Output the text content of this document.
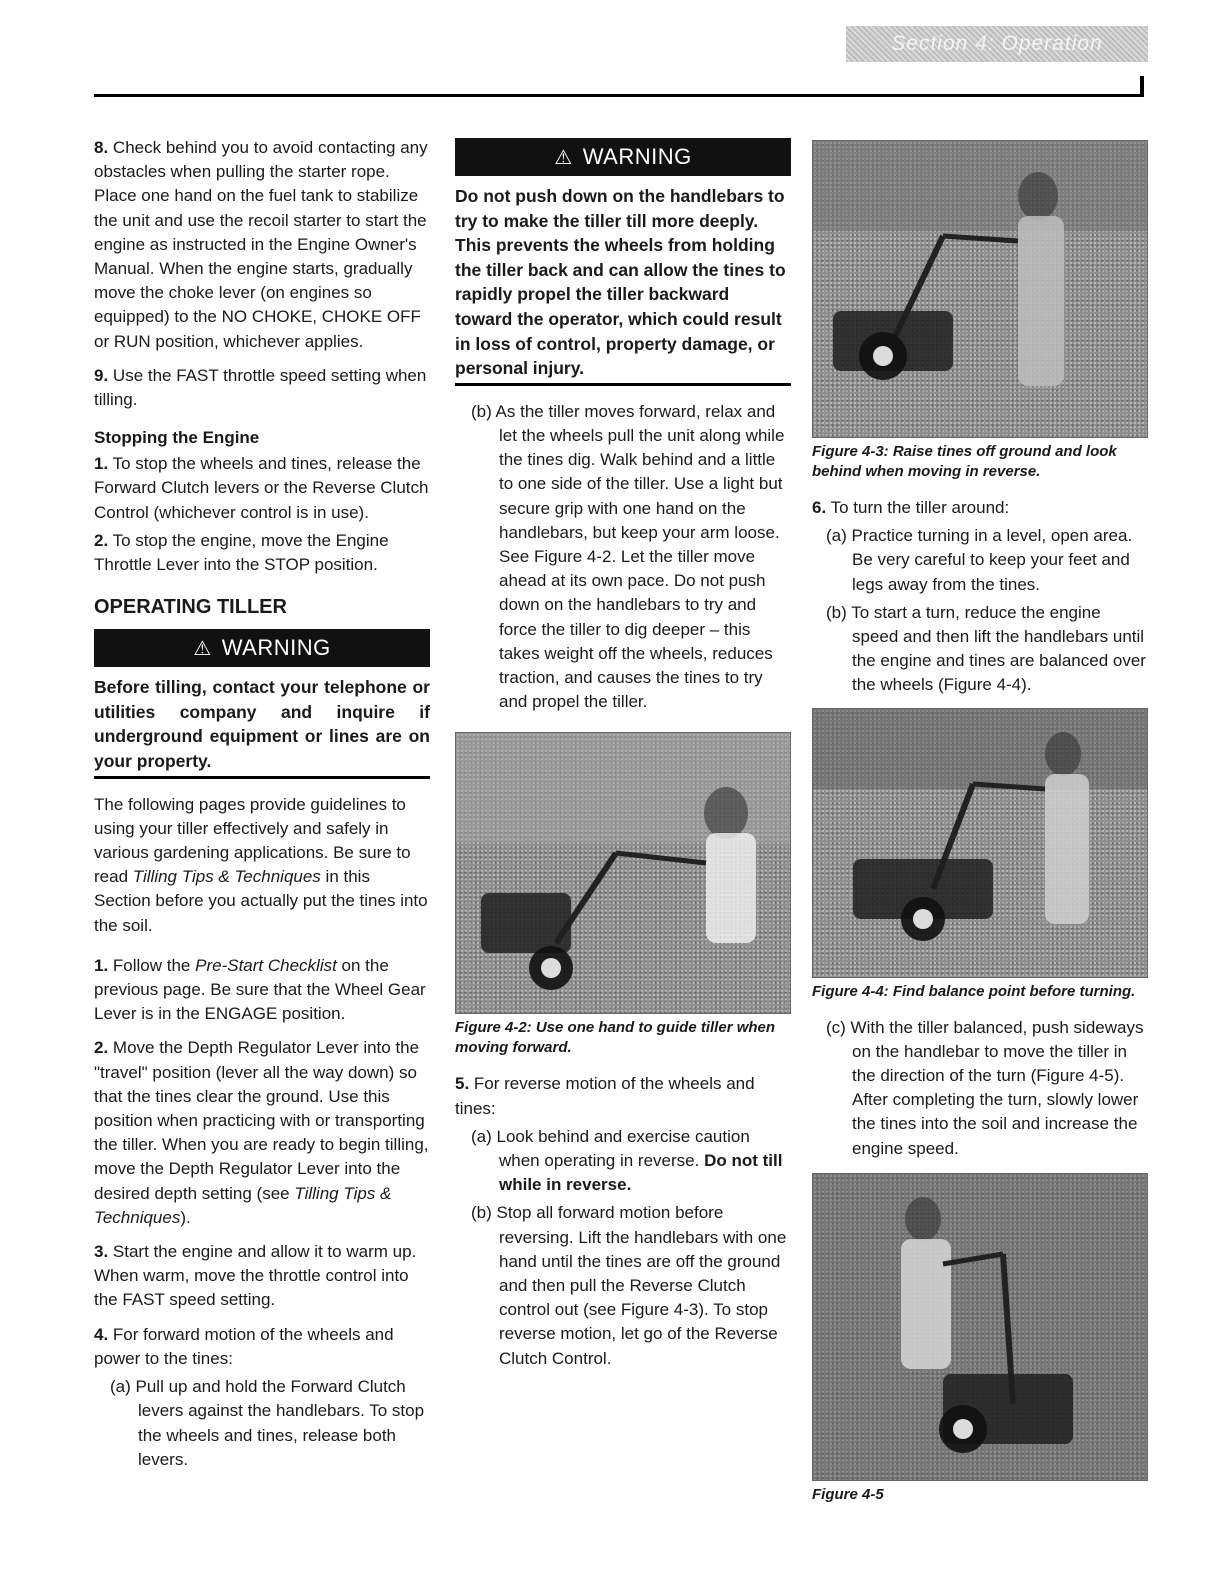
Section 4: Operation

8. Check behind you to avoid contacting any obstacles when pulling the starter rope. Place one hand on the fuel tank to stabilize the unit and use the recoil starter to start the engine as instructed in the Engine Owner's Manual. When the engine starts, gradually move the choke lever (on engines so equipped) to the NO CHOKE, CHOKE OFF or RUN position, whichever applies.

9. Use the FAST throttle speed setting when tilling.

Stopping the Engine

1. To stop the wheels and tines, release the Forward Clutch levers or the Reverse Clutch Control (whichever control is in use).

2. To stop the engine, move the Engine Throttle Lever into the STOP position.

OPERATING TILLER
⚠ WARNING

Before tilling, contact your telephone or utilities company and inquire if underground equipment or lines are on your property.

The following pages provide guidelines to using your tiller effectively and safely in various gardening applications. Be sure to read Tilling Tips & Techniques in this Section before you actually put the tines into the soil.

1. Follow the Pre-Start Checklist on the previous page. Be sure that the Wheel Gear Lever is in the ENGAGE position.

2. Move the Depth Regulator Lever into the "travel" position (lever all the way down) so that the tines clear the ground. Use this position when practicing with or transporting the tiller. When you are ready to begin tilling, move the Depth Regulator Lever into the desired depth setting (see Tilling Tips & Techniques).

3. Start the engine and allow it to warm up. When warm, move the throttle control into the FAST speed setting.

4. For forward motion of the wheels and power to the tines:

(a) Pull up and hold the Forward Clutch levers against the handlebars. To stop the wheels and tines, release both levers.

⚠ WARNING

Do not push down on the handlebars to try to make the tiller till more deeply. This prevents the wheels from holding the tiller back and can allow the tines to rapidly propel the tiller backward toward the operator, which could result in loss of control, property damage, or personal injury.

(b) As the tiller moves forward, relax and let the wheels pull the unit along while the tines dig. Walk behind and a little to one side of the tiller. Use a light but secure grip with one hand on the handlebars, but keep your arm loose. See Figure 4-2. Let the tiller move ahead at its own pace. Do not push down on the handlebars to try and force the tiller to dig deeper – this takes weight off the wheels, reduces traction, and causes the tines to try and propel the tiller.

Figure 4-2: Use one hand to guide tiller when moving forward.

5. For reverse motion of the wheels and tines:

(a) Look behind and exercise caution when operating in reverse. Do not till while in reverse.

(b) Stop all forward motion before reversing. Lift the handlebars with one hand until the tines are off the ground and then pull the Reverse Clutch control out (see Figure 4-3). To stop reverse motion, let go of the Reverse Clutch Control.

Figure 4-3: Raise tines off ground and look behind when moving in reverse.

6. To turn the tiller around:

(a) Practice turning in a level, open area. Be very careful to keep your feet and legs away from the tines.

(b) To start a turn, reduce the engine speed and then lift the handlebars until the engine and tines are balanced over the wheels (Figure 4-4).

Figure 4-4: Find balance point before turning.

(c) With the tiller balanced, push sideways on the handlebar to move the tiller in the direction of the turn (Figure 4-5). After completing the turn, slowly lower the tines into the soil and increase the engine speed.

Figure 4-5
